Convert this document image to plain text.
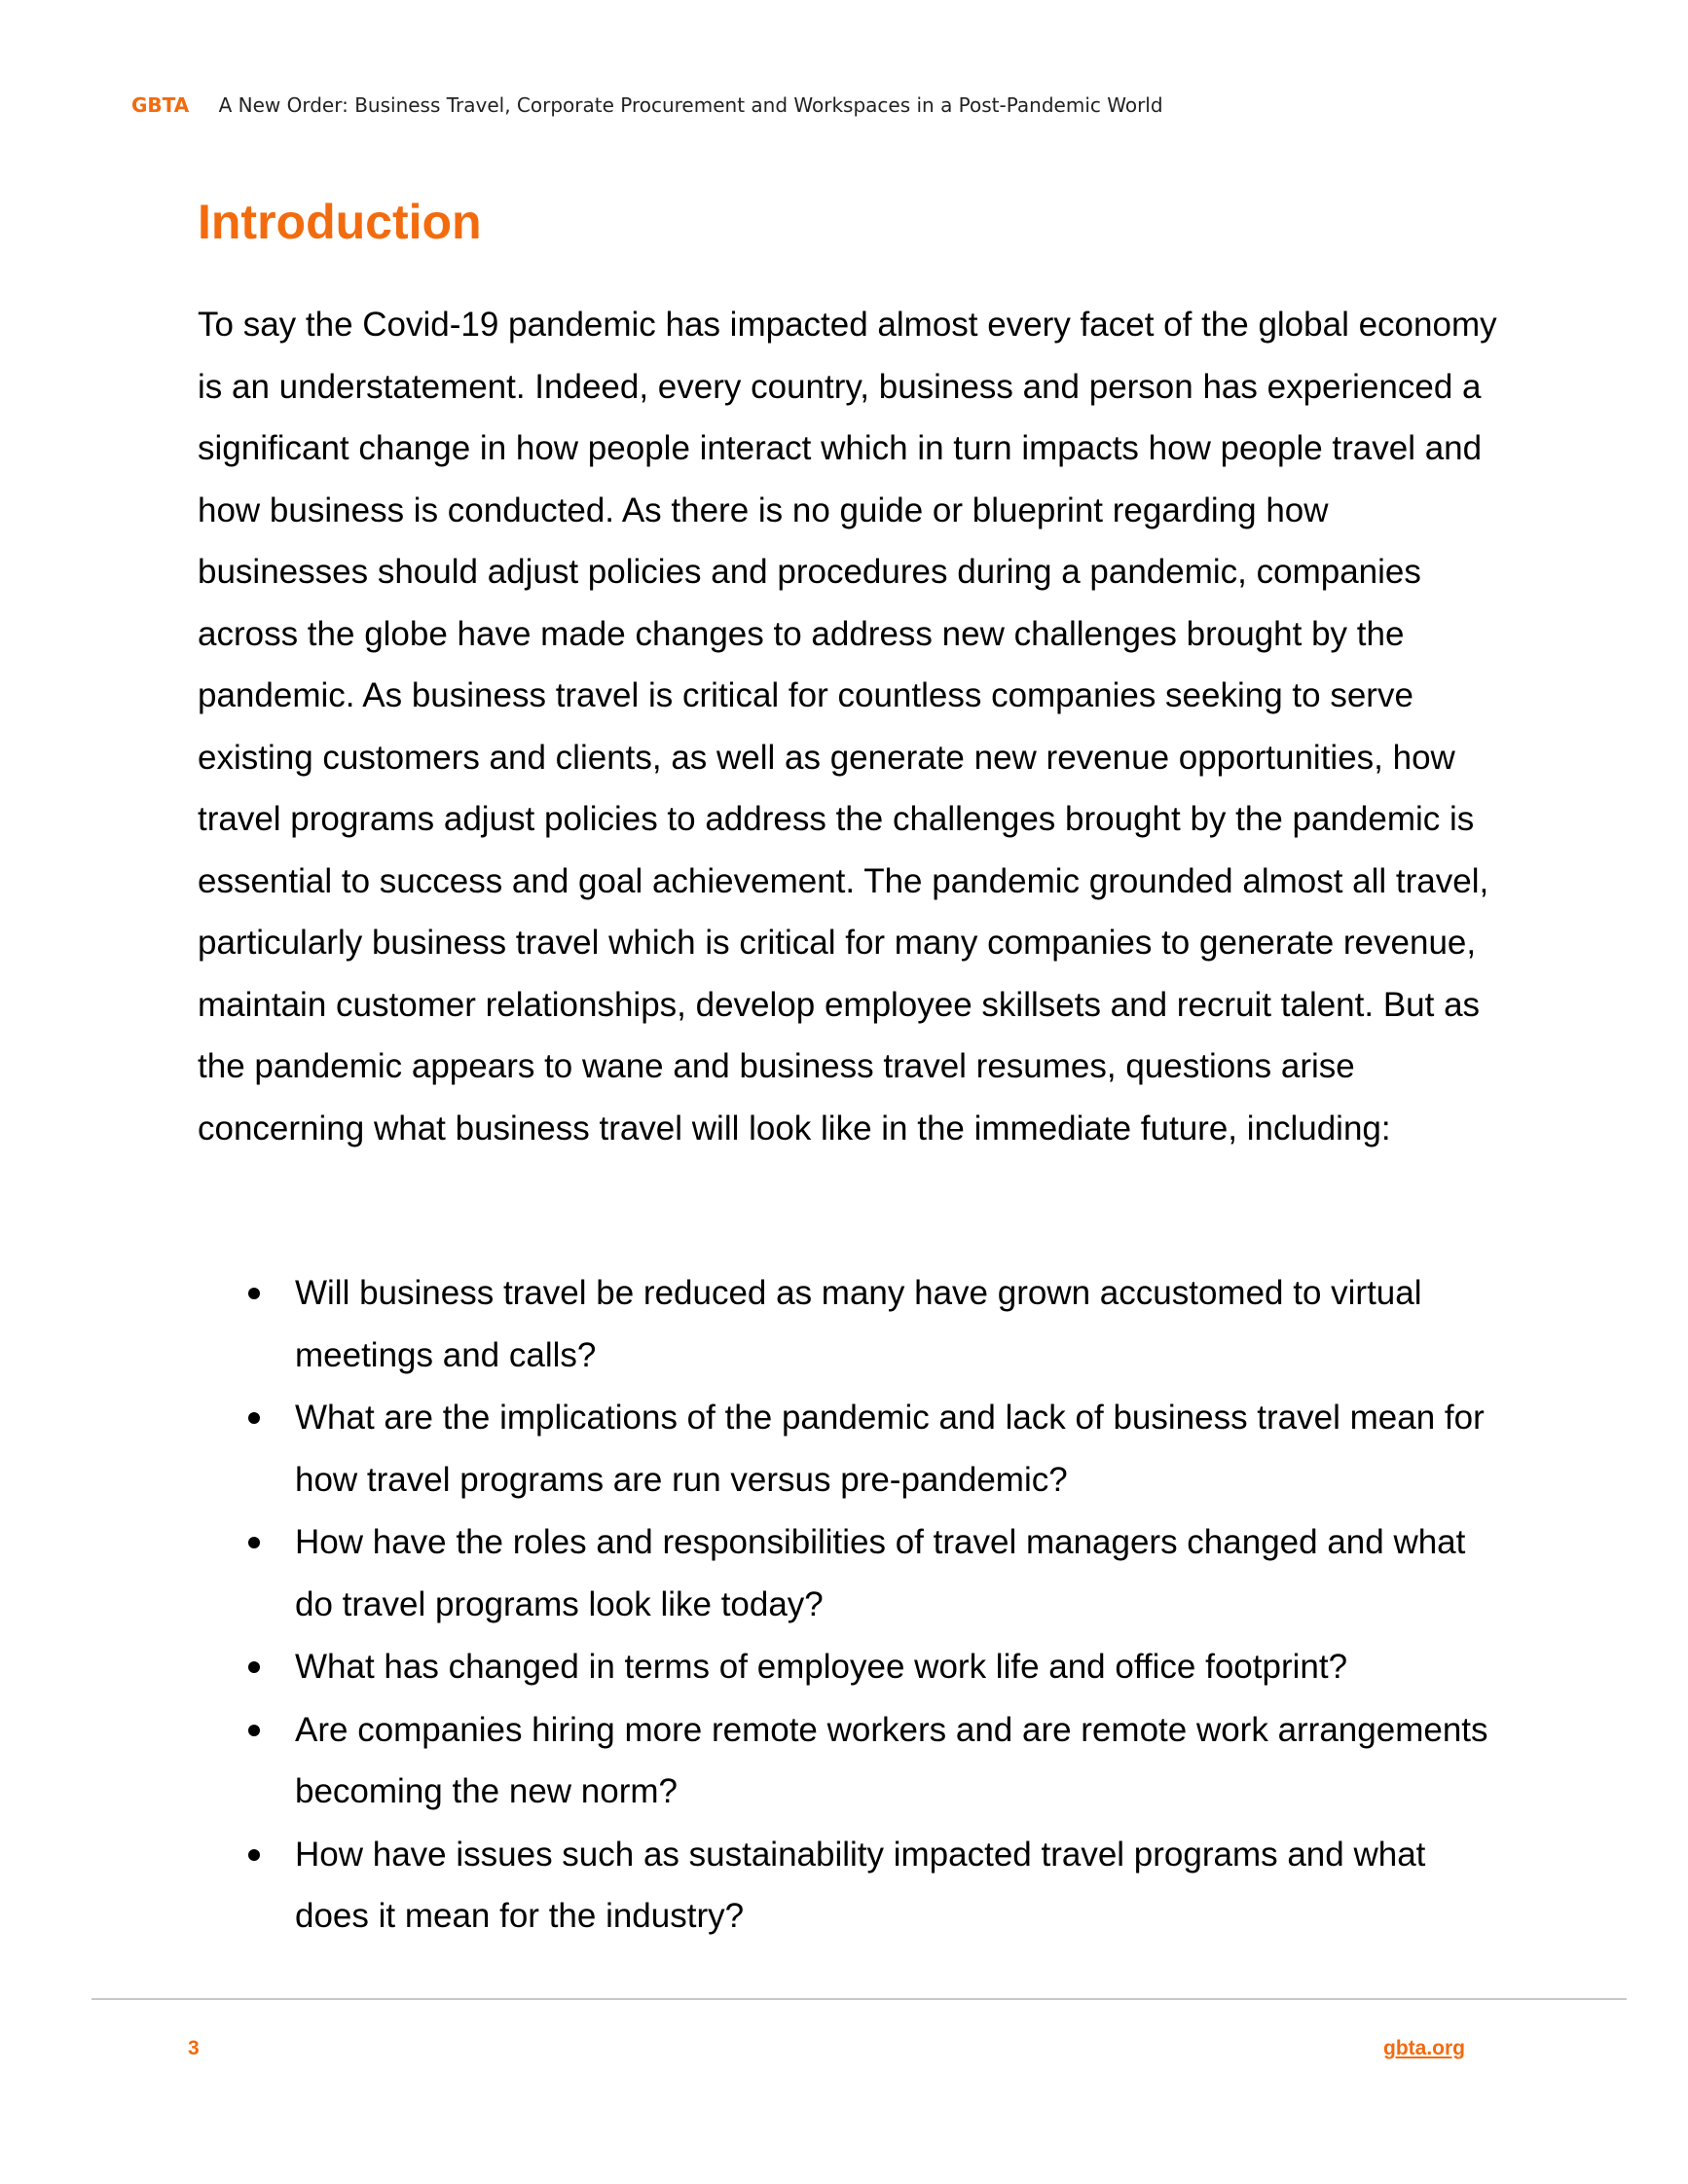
GBTA A New Order: Business Travel, Corporate Procurement and Workspaces in a Post-Pandemic World
Introduction

To say the Covid-19 pandemic has impacted almost every facet of the global economy is an understatement. Indeed, every country, business and person has experienced a significant change in how people interact which in turn impacts how people travel and how business is conducted. As there is no guide or blueprint regarding how businesses should adjust policies and procedures during a pandemic, companies across the globe have made changes to address new challenges brought by the pandemic. As business travel is critical for countless companies seeking to serve existing customers and clients, as well as generate new revenue opportunities, how travel programs adjust policies to address the challenges brought by the pandemic is essential to success and goal achievement. The pandemic grounded almost all travel, particularly business travel which is critical for many companies to generate revenue, maintain customer relationships, develop employee skillsets and recruit talent. But as the pandemic appears to wane and business travel resumes, questions arise concerning what business travel will look like in the immediate future, including:

Will business travel be reduced as many have grown accustomed to virtual meetings and calls?
What are the implications of the pandemic and lack of business travel mean for how travel programs are run versus pre-pandemic?
How have the roles and responsibilities of travel managers changed and what do travel programs look like today?
What has changed in terms of employee work life and office footprint?
Are companies hiring more remote workers and are remote work arrangements becoming the new norm?
How have issues such as sustainability impacted travel programs and what does it mean for the industry?
3	gbta.org
